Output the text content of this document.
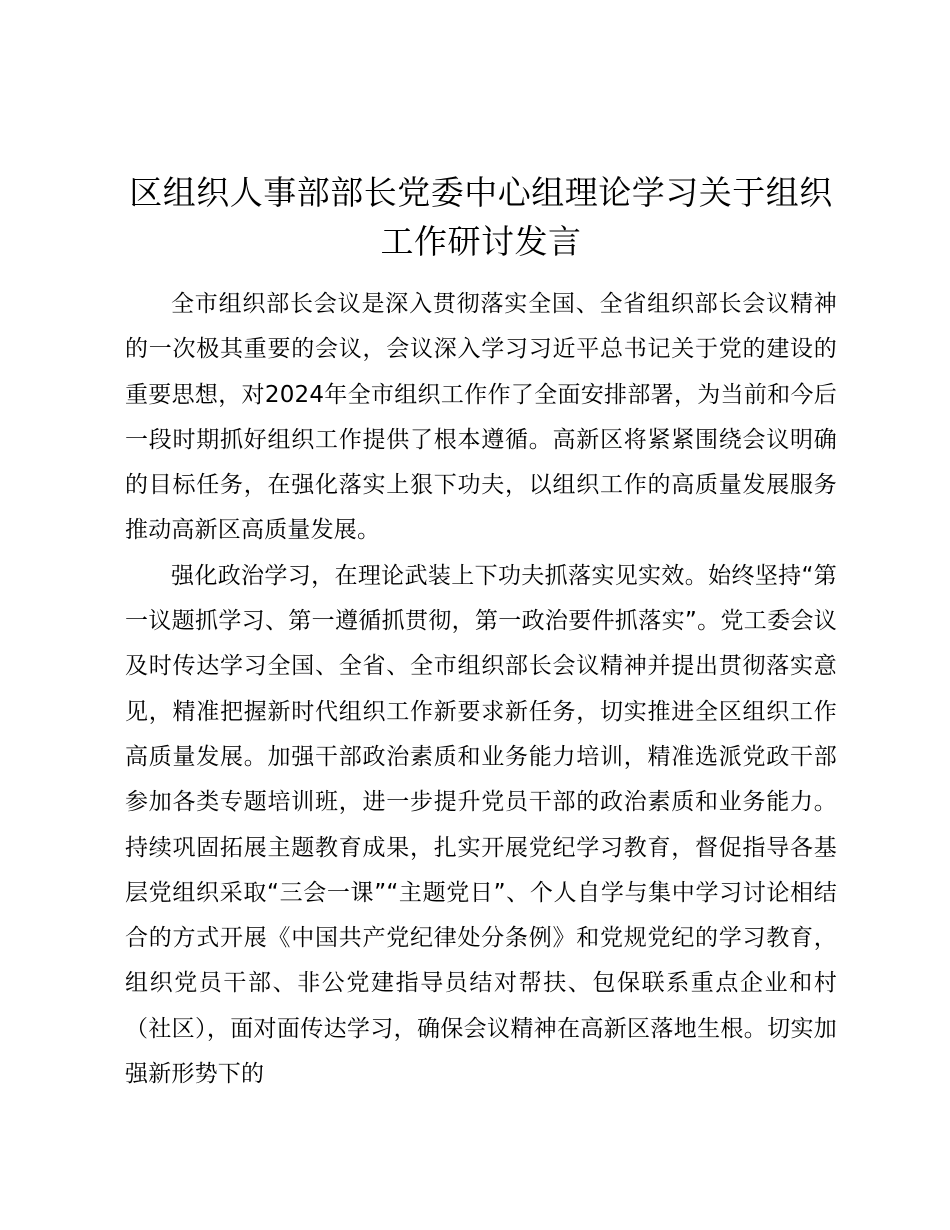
区组织人事部部长党委中心组理论学习关于组织工作研讨发言

全市组织部长会议是深入贯彻落实全国、全省组织部长会议精神的一次极其重要的会议，会议深入学习习近平总书记关于党的建设的重要思想，对2024年全市组织工作作了全面安排部署，为当前和今后一段时期抓好组织工作提供了根本遵循。高新区将紧紧围绕会议明确的目标任务，在强化落实上狠下功夫，以组织工作的高质量发展服务推动高新区高质量发展。

强化政治学习，在理论武装上下功夫抓落实见实效。始终坚持“第一议题抓学习、第一遵循抓贯彻，第一政治要件抓落实”。党工委会议及时传达学习全国、全省、全市组织部长会议精神并提出贯彻落实意见，精准把握新时代组织工作新要求新任务，切实推进全区组织工作高质量发展。加强干部政治素质和业务能力培训，精准选派党政干部参加各类专题培训班，进一步提升党员干部的政治素质和业务能力。持续巩固拓展主题教育成果，扎实开展党纪学习教育，督促指导各基层党组织采取“三会一课”“主题党日”、个人自学与集中学习讨论相结合的方式开展《中国共产党纪律处分条例》和党规党纪的学习教育，组织党员干部、非公党建指导员结对帮扶、包保联系重点企业和村（社区），面对面传达学习，确保会议精神在高新区落地生根。切实加强新形势下的
